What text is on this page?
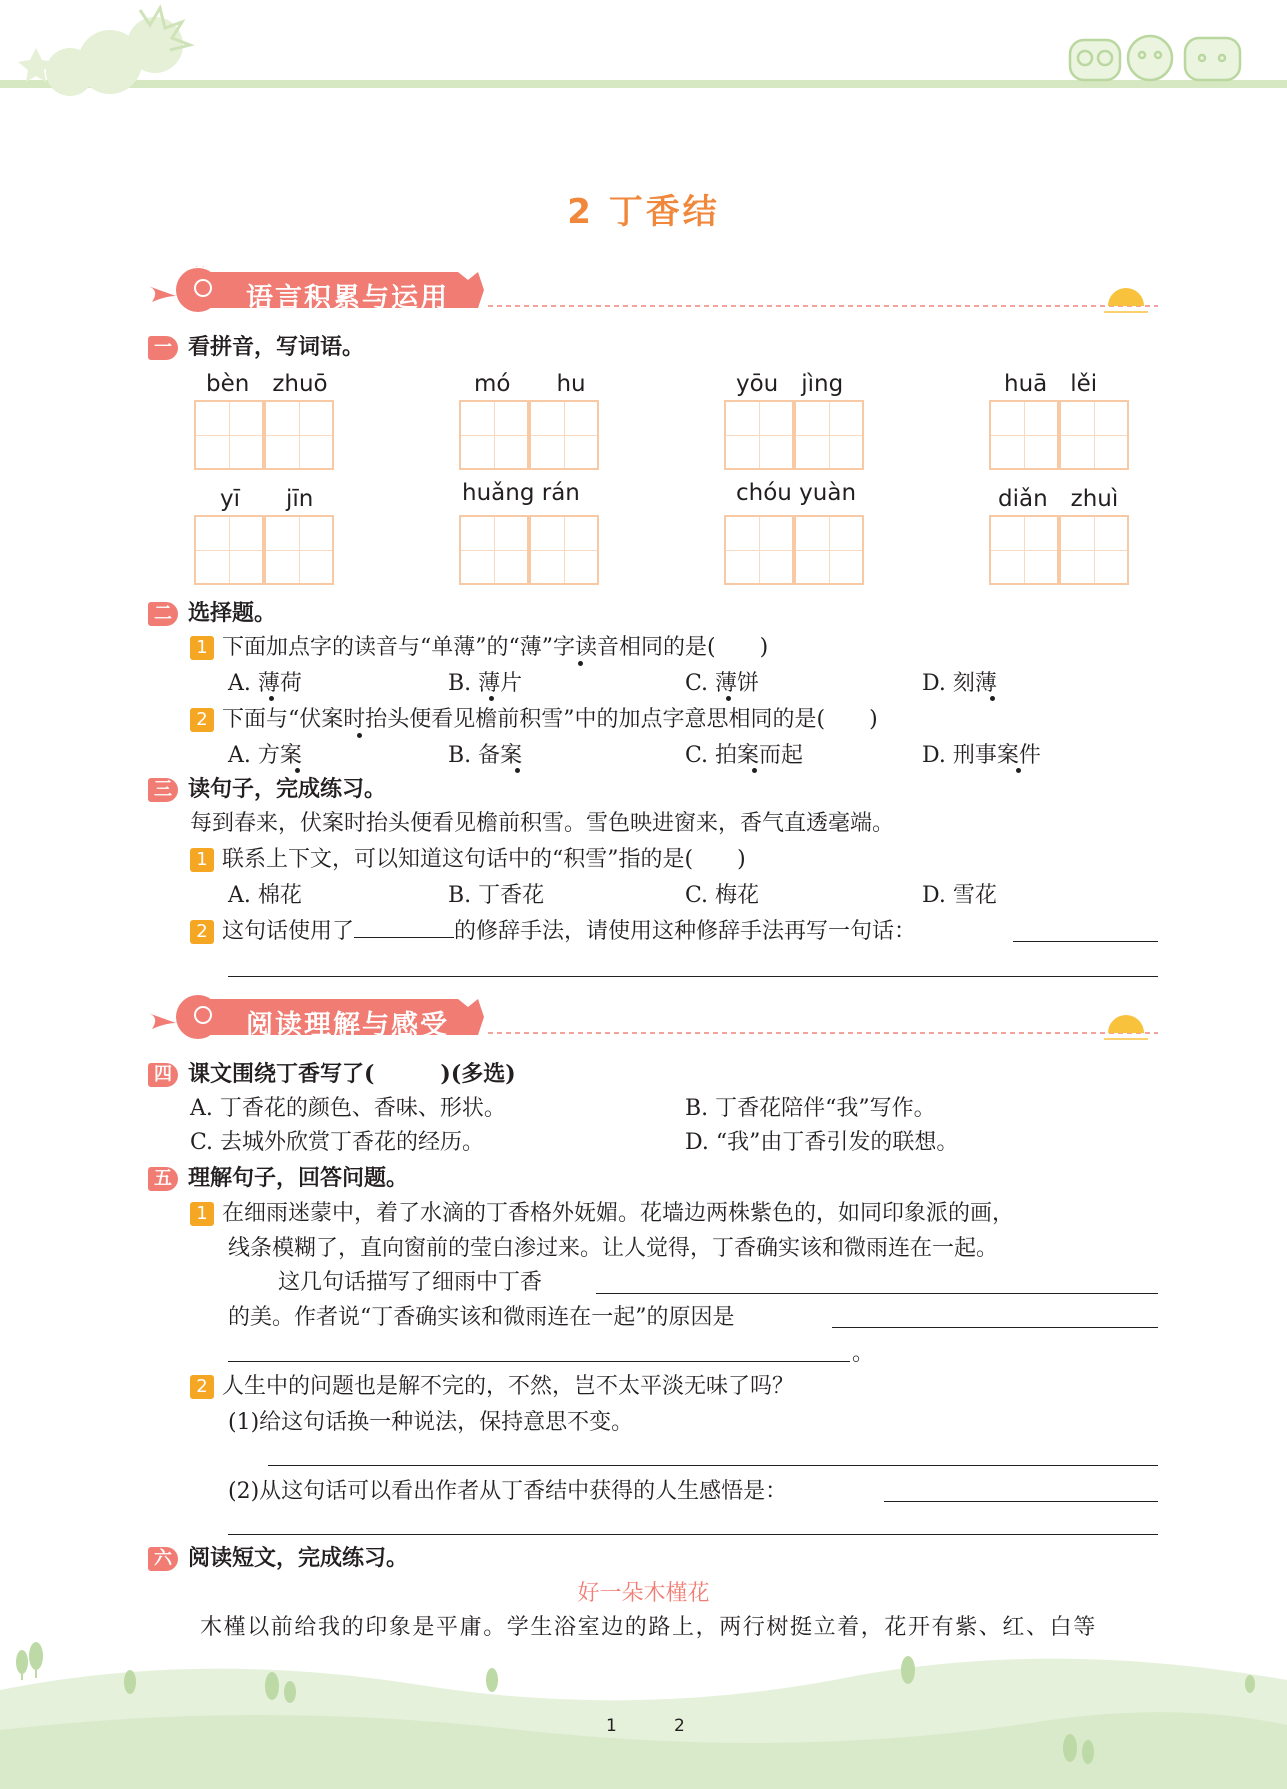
2 丁香结
语言积累与运用
一 看拼音，写词语。
bèn　zhuō	mó　　hu	yōu　jìng	huā　lěi
yī　　jīn	huǎng rán	chóu yuàn	diǎn　zhuì
二 选择题。
1 下面加点字的读音与“单薄”的“薄”字读音相同的是(　　)
A. 薄荷	B. 薄片	C. 薄饼	D. 刻薄
2 下面与“伏案时抬头便看见檐前积雪”中的加点字意思相同的是(　　)
A. 方案	B. 备案	C. 拍案而起	D. 刑事案件
三 读句子，完成练习。
每到春来，伏案时抬头便看见檐前积雪。雪色映进窗来，香气直透毫端。
1 联系上下文，可以知道这句话中的“积雪”指的是(　　)
A. 棉花	B. 丁香花	C. 梅花	D. 雪花
2 这句话使用了	的修辞手法，请使用这种修辞手法再写一句话：
阅读理解与感受
四 课文围绕丁香写了(　　　)(多选)
A. 丁香花的颜色、香味、形状。	B. 丁香花陪伴“我”写作。
C. 去城外欣赏丁香花的经历。	D. “我”由丁香引发的联想。
五 理解句子，回答问题。
1 在细雨迷蒙中，着了水滴的丁香格外妩媚。花墙边两株紫色的，如同印象派的画，
线条模糊了，直向窗前的莹白渗过来。让人觉得，丁香确实该和微雨连在一起。
这几句话描写了细雨中丁香
的美。作者说“丁香确实该和微雨连在一起”的原因是
。
2 人生中的问题也是解不完的，不然，岂不太平淡无味了吗？
(1)给这句话换一种说法，保持意思不变。
(2)从这句话可以看出作者从丁香结中获得的人生感悟是：
六 阅读短文，完成练习。
好一朵木槿花
木槿以前给我的印象是平庸。学生浴室边的路上，两行树挺立着，花开有紫、红、白等
1	2
